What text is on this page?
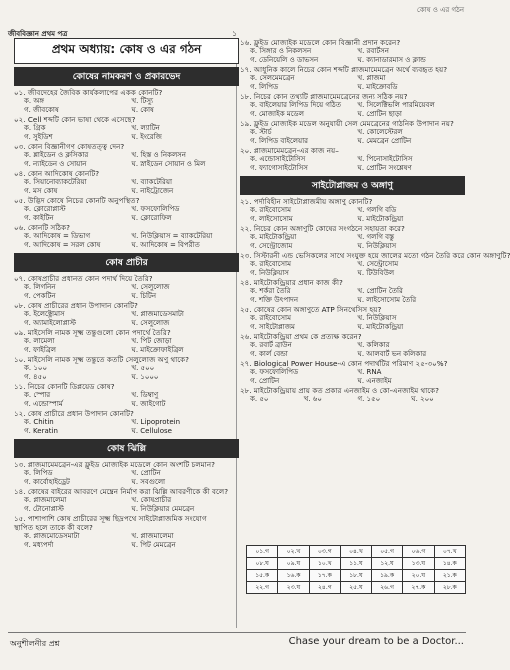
কোষ ও এর গঠন
জীববিজ্ঞান প্রথম পত্র	১
প্রথম অধ্যায়: কোষ ও এর গঠন
কোষের নামকরণ ও প্রকারভেদ

০১. জীবদেহের জৈবিক কার্যকলাপের একক কোনটি?

ক. অঙ্গ	খ. টিস্যু
গ. জীবকোষ	ঘ. কোষ

০২. Cell শব্দটি কোন ভাষা থেকে এসেছে?

ক. গ্রিক	খ. ল্যাটিন
গ. সুইডিশ	ঘ. ইংরেজি

০৩. কোন বিজ্ঞানীগণ কোষতত্ত্ব দেন?

ক. শ্লাইডেন ও ক্লসিকার	খ. হিস্ত ও নিকলসন
গ. ন্যাইডেন ও সোয়ান	ঘ. স্নাইডেন সোয়ান ও মিল

০৪. কোন আদিকোষ কোনটি?

ক. সিয়ানোব্যাকটেরিয়া	খ. ব্যাকটেরিয়া
গ. মস কোষ	ঘ. নাইট্রোজেন

০৫. উদ্ভিদ কোষে নিচের কোনটি অনুপস্থিত?

ক. ক্লোরোপ্লাস্ট	খ. ফসফোলিপিড
গ. কাইটিন	ঘ. ক্লোরোফিল

০৬. কোনটি সঠিক?

ক. আদিকোষ = ডিভাগ	খ. নিউক্লিয়াস = ব্যাকটেরিয়া
গ. আদিকোষ = সরল কোষ	ঘ. আদিকোষ = বিপরীত
কোষ প্রাচীর

০৭. কোষপ্রাচীর প্রধানত কোন পদার্থ দিয়ে তৈরি?

ক. লিগনিন	খ. সেলুলোজ
গ. পেকটিন	ঘ. চিটিন

০৮. কোষ প্রাচীরের প্রধান উপাদান কোনটি?

ক. ইলেক্ট্রোমাস	খ. প্লাজমাডেসমাটা
গ. অ্যামাইলোপ্লাস্ট	ঘ. সেলুলোজ

০৯. মাইসেলি নামক সূক্ষ্ম তন্তুগুলো কোন পদার্থে তৈরি?

ক. লামেলা	খ. পিট জোড়া
গ. ফাইব্রিল	ঘ. মাইক্রোফাইব্রিল

১০. মাইসেলি নামক সূক্ষ্ম তন্তুতে কতটি সেলুলোজ অণু থাকে?

ক. ১০০	খ. ৫০০
গ. ৪৫০	ঘ. ১০০০

১১. নিচের কোনটি ডিপ্লয়েড কোষ?

ক. স্পোর	খ. ডিম্বাণু
গ. এন্ডোস্পার্ম	ঘ. জাইগোট

১২. কোষ প্রাচীরে প্রধান উপাদান কোনটি?

ক. Chitin	খ. Lipoprotein
গ. Keratin	ঘ. Cellulose
কোষ ঝিল্লি

১৩. প্লাজমামেমব্রেন-এর ফ্লুইড মোজাইক মডেলে কোন অংশটি চলমান?

ক. লিপিড	খ. প্রোটিন
গ. কার্বোহাইড্রেট	ঘ. সবগুলো

১৪. কোষের বাইরের আবরণে মেম্ব্রেন নির্মাণ করা ঝিল্লি আবরণীকে কী বলে?

ক. প্লাজমালেমা	খ. কোষপ্রাচীর
গ. টোনোপ্লাস্ট	ঘ. নিউক্লিয়ার মেমব্রেন

১৫. পাশাপাশি কোষ প্রাচীরের সূক্ষ্ম ছিদ্রপথে সাইটোপ্লাজমিক সংযোগ

স্থাপিত হলে তাকে কী বলে?

ক. প্লাজমোডেসমাটা	খ. প্লাজমালেমা
গ. মধ্যপর্দা	ঘ. পিট মেমব্রেন

১৬. ফ্লুইড মোজাইক মডেলে কোন বিজ্ঞানী প্রদান করেন?

ক. সিঙ্গার ও নিকলসন	খ. রবার্টসন
গ. ডেনিয়েলি ও ডাভসন	ঘ. ক্যানাডারমাস ও ক্লান্ড

১৭. আধুনিক কালে নিচের কোন শব্দটি প্লাজমামেমব্রেন অর্থে ব্যবহৃত হয়?

ক. সেলমেমব্রেন	খ. প্লাজমা
গ. লিপিড	ঘ. মাইক্রোবডি

১৮. নিচের কোন তথ্যটি প্লাজমামেমব্রেনের জন্য সঠিক নয়?

ক. বাইলেয়ার লিপিড দিয়ে গঠিত	খ. সিলেক্টিভলি পারমিয়েবল
গ. মোজাইক মডেল	ঘ. প্রোটিন ছাড়া

১৯. ফ্লুইড মোজাইক মডেল অনুযায়ী সেল মেমব্রেনের গাঠনিক উপাদান নয়?

ক. স্টার্চ	খ. কোলেস্টেরল
গ. লিপিড বাইলেয়ার	ঘ. মেমব্রেন প্রোটিন

২০. প্লাজমামেমব্রেন-এর কাজ নয়–

ক. এন্ডোসাইটোসিস	খ. পিনোসাইটোসিস
গ. ফ্যাগোসাইটোসিস	ঘ. প্রোটিন সংশ্লেষণ
সাইটোপ্লাজম ও অঙ্গাণু

২১. পর্দাবিহীন সাইটোপ্লাজমীয় অঙ্গাণু কোনটি?

ক. রাইবোসোম	খ. গলগি বডি
গ. লাইসোসোম	ঘ. মাইটোকন্ড্রিয়া

২২. নিচের কোন অঙ্গাণুটি কোষের সংগঠনে সহায়তা করে?

ক. মাইটোকন্ড্রিয়া	খ. গলগি বস্তু
গ. সেন্ট্রোজোম	ঘ. নিউক্লিয়াস

২৩. সিস্টারনী এন্ড ভেসিকলের সাথে সংযুক্ত হয়ে জালের মতো গঠন তৈরি করে কোন অঙ্গাণুটি?

ক. রাইবোসোম	খ. সেন্ট্রোসোম
গ. নিউক্লিয়াস	ঘ. টিউবিউল

২৪. মাইটোকন্ড্রিয়ার প্রধান কাজ কী?

ক. শর্করা তৈরি	খ. প্রোটিন তৈরি
গ. শক্তি উৎপাদন	ঘ. লাইসোসোম তৈরি

২৫. কোষের কোন অঙ্গাণুতে ATP সিনথেসিস হয়?

ক. রাইবোসোম	খ. নিউক্লিয়াস
গ. সাইটোপ্লাজম	ঘ. মাইটোকন্ড্রিয়া

২৬. মাইটোকন্ড্রিয়া প্রথম কে প্রত্যক্ষ করেন?

ক. রবার্ট ব্রাউন	খ. কলিকার
গ. কার্ল বেন্ডা	ঘ. আলবার্ট ভন কলিকার

২৭. Biological Power House-এ কোন পদার্থটির পরিমাণ ২৫-৩০%?

ক. ফসফোলিপিড	খ. RNA
গ. প্রোটিন	ঘ. এনজাইম

২৮. মাইটোকন্ড্রিয়ায় প্রায় কত প্রকার এনজাইম ও কো-এনজাইম থাকে?

ক. ৫০	খ. ৬০	গ. ১৫০	ঘ. ২০০
০১.গ	০২.খ	০৩.গ	০৪.খ	০৫.গ	০৬.গ	০৭.খ
০৮.ঘ	০৯.ঘ	১০.খ	১১.ঘ	১২.ঘ	১৩.ঘ	১৪.ক
১৫.ক	১৬.ক	১৭.ক	১৮.ঘ	১৯.ক	২০.ঘ	২১.ক
২২.গ	২৩.ঘ	২৪.গ	২৫.ঘ	২৬.গ	২৭.ক	২৮.ক
অনুশীলনীর প্রশ্ন	Chase your dream to be a Doctor...
